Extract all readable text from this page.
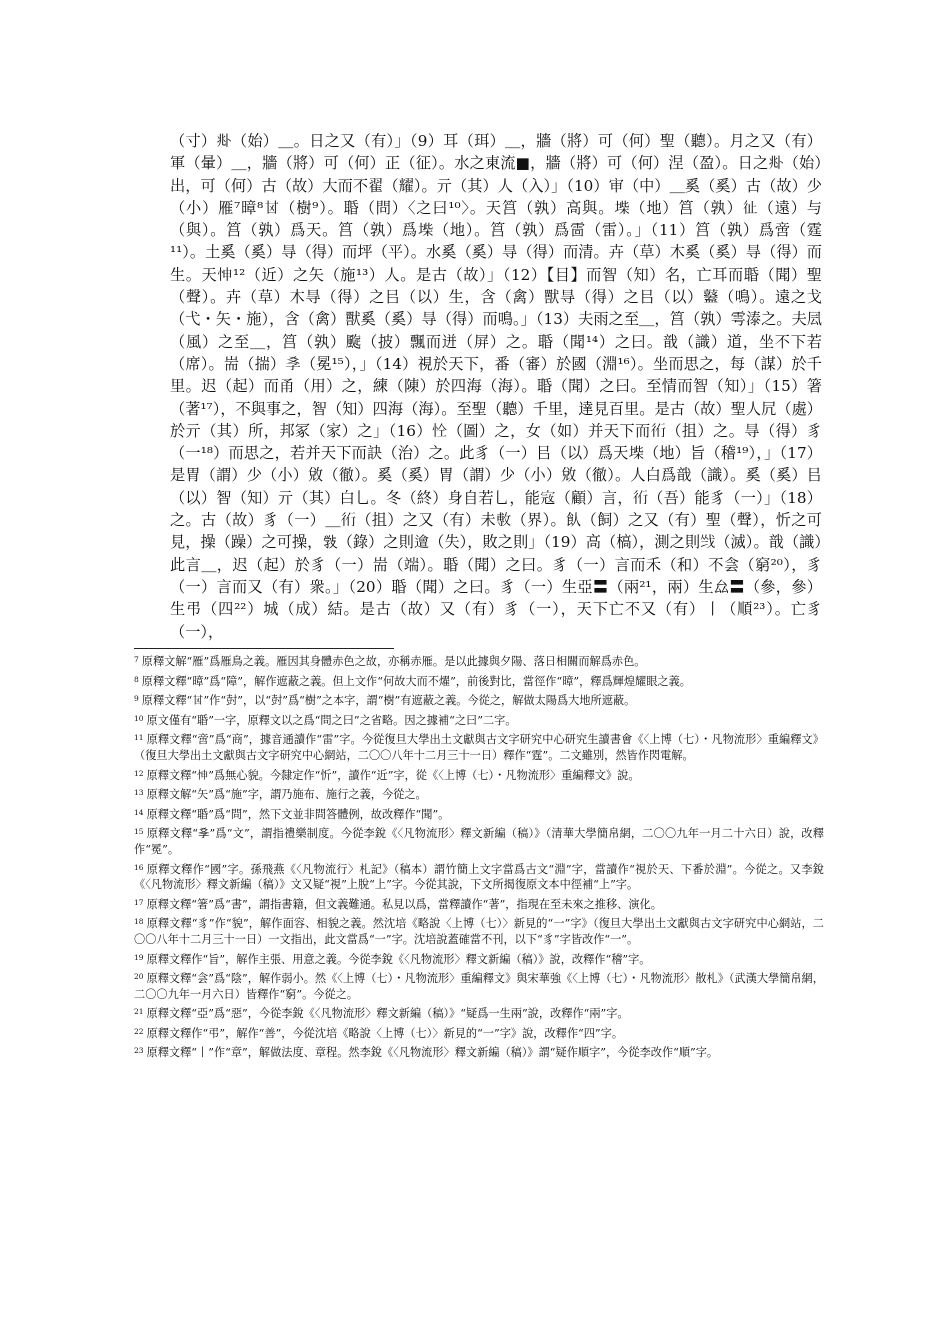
（寸）𠧞（始）＿。日之又（有）」（9）耳（珥）＿，牆（將）可（何）聖（聽）。月之又（有）軍（暈）＿，牆（將）可（何）正（征）。水之東流■，牆（將）可（何）涅（盈）。日之𠧞（始）出，可（何）古（故）大而不翟（耀）。亓（其）人（入）」（10）审（中）＿奚（奚）古（故）少（小）雁⁷暲⁸𠀠（樹⁹）。䎽（問）〈之曰¹⁰〉。天筥（孰）高與。𡍥（地）筥（孰）𢓊（遠）与（與）。筥（孰）爲天。筥（孰）爲𡍥（地）。筥（孰）爲䨓（雷）。」（11）筥（孰）爲啻（霆¹¹）。土奚（奚）㝵（得）而坪（平）。水奚（奚）㝵（得）而清。卉（草）木奚（奚）㝵（得）而生。天𢘊¹²（近）之矢（施¹³）人。是古（故）」（12）【目】而智（知）名，亡耳而䎽（聞）聖（聲）。卉（草）木㝵（得）之㠯（以）生，含（禽）獸㝵（得）之㠯（以）𪔮（鳴）。遠之戈（弋・矢・施），含（禽）獸奚（奚）㝵（得）而鳴。」（13）夫雨之至＿，筥（孰）雩溙之。夫凨（風）之至＿，筥（孰）颴（披）飄而迸（屏）之。䎽（聞¹⁴）之曰。戠（識）道，坐不下若（席）。耑（揣）𡥈（冕¹⁵），」（14）視於天下，番（審）於國（淵¹⁶）。坐而思之，每（謀）於千里。迟（起）而甬（用）之，練（陳）於四海（海）。䎽（聞）之曰。至情而智（知）」（15）箸（著¹⁷），不與事之，智（知）四海（海）。至聖（聽）千里，達見百里。是古（故）聖人凥（處）於亓（其）所，邦冢（家）之」（16）𢘐（圖）之，女（如）并天下而𧗞（抯）之。㝵（得）豸（一¹⁸）而思之，若并天下而訣（治）之。此豸（一）㠯（以）爲天𡍥（地）旨（稽¹⁹），」（17）是胃（謂）少（小）敓（徹）。奚（奚）胃（謂）少（小）敓（徹）。人白爲戠（識）。奚（奚）㠯（以）智（知）亓（其）白乚。冬（終）身自若乚，能𡨥（顧）言，𧗞（吾）能豸（一）」（18）之。古（故）豸（一）＿𧗞（抯）之又（有）未𢾭（界）。飤（飼）之又（有）聖（聲），忻之可見，操（躁）之可操，𢽾（錄）之則𨗥（失），敗之則」（19）高（槁），測之則𢦺（滅）。戠（識）此言＿，迟（起）於豸（一）耑（端）。䎽（聞）之曰。豸（一）言而禾（和）不侌（窮²⁰），豸（一）言而又（有）衆。」（20）䎽（聞）之曰。豸（一）生亞〓（兩²¹，兩）生厽〓（參，參）生弔（四²²）城（成）結。是古（故）又（有）豸（一），天下亡不又（有）丨（順²³）。亡豸（一），

$^7$ 原釋文解“雁”爲雁鳥之義。雁因其身體赤色之故，亦稱赤雁。是以此據與夕陽、落日相關而解爲赤色。

$^8$ 原釋文釋“暲”爲“障”，解作遮蔽之義。但上文作“何故大而不燿”，前後對比，當徑作“暲”，釋爲輝煌耀眼之義。

$^9$ 原釋文釋“𠀠”作“尌”，以“尌”爲“樹”之本字，謂“樹”有遮蔽之義。今從之，解做太陽爲大地所遮蔽。

$^{10}$ 原文僅有“䎽”一字，原釋文以之爲“問之曰”之省略。因之據補“之曰”二字。

$^{11}$ 原釋文釋“啻”爲“商”，據音通讀作“雷”字。今從復旦大學出土文獻與古文字研究中心研究生讀書會《〈上博（七）・凡物流形〉重編釋文》（復旦大學出土文獻與古文字研究中心網站，二〇〇八年十二月三十一日）釋作“霆”。二文雖別，然皆作閃電解。

$^{12}$ 原釋文釋“𢘊”爲無心貌。今隸定作“忻”，讀作“近”字，從《〈上博（七）・凡物流形〉重編釋文》說。

$^{13}$ 原釋文解“矢”爲“施”字，謂乃施布、施行之義，今從之。

$^{14}$ 原釋文釋“䎽”爲“問”，然下文並非問答體例，故改釋作“聞”。

$^{15}$ 原釋文釋“𡥈”爲“文”，謂指禮樂制度。今從李銳《〈凡物流形〉釋文新編（稿）》（清華大學簡帛網，二〇〇九年一月二十六日）說，改釋作“冕”。

$^{16}$ 原釋文釋作“國”字。孫飛燕《〈凡物流行〉札記》（稿本）謂竹簡上文字當爲古文“淵”字，當讀作“視於天、下番於淵”。今從之。又李銳《〈凡物流形〉釋文新編（稿）》文又疑“視”上脫“上”字。今從其說，下文所揭復原文本中徑補“上”字。

$^{17}$ 原釋文釋“箸”爲“書”，謂指書籍，但文義難通。私見以爲，當釋讀作“著”，指現在至未來之推移、演化。

$^{18}$ 原釋文釋“豸”作“貌”，解作面容、相貌之義。然沈培《略說〈上博（七）〉新見的“一”字》（復旦大學出土文獻與古文字研究中心網站，二〇〇八年十二月三十一日）一文指出，此文當爲“一”字。沈培說蓋確當不刊，以下“豸”字皆改作“一”。

$^{19}$ 原釋文釋作“旨”，解作主張、用意之義。今從李銳《〈凡物流形〉釋文新編（稿）》說，改釋作“稽”字。

$^{20}$ 原釋文釋“侌”爲“陰”，解作弱小。然《〈上博（七）・凡物流形〉重編釋文》與宋華強《〈上博（七）・凡物流形〉散札》（武漢大學簡帛網，二〇〇九年一月六日）皆釋作“窮”。今從之。

$^{21}$ 原釋文釋“亞”爲“惡”，今從李銳《〈凡物流形〉釋文新編（稿）》“疑爲一生兩”說，改釋作“兩”字。

$^{22}$ 原釋文釋作“弔”，解作“善”，今從沈培《略說〈上博（七）〉新見的“一”字》說，改釋作“四”字。

$^{23}$ 原釋文釋“丨”作“章”，解做法度、章程。然李銳《〈凡物流形〉釋文新編（稿）》謂“疑作順字”，今從李改作“順”字。
